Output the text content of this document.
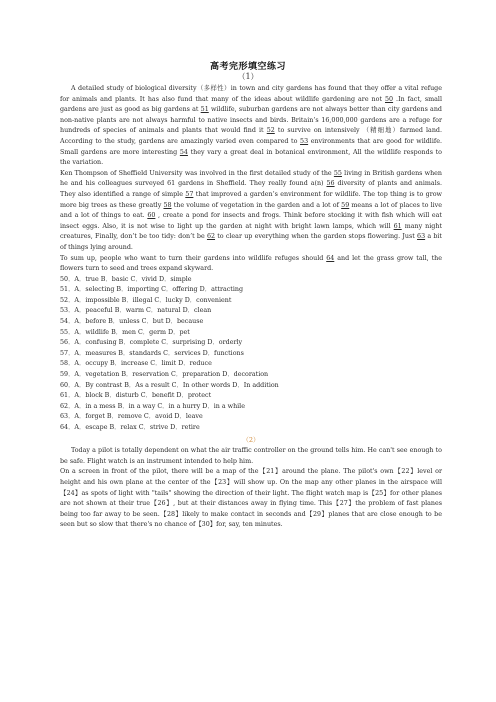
高考完形填空练习
（1）

A detailed study of biological diversity（多样性）in town and city gardens has found that they offer a vital refuge for animals and plants. It has also fund that many of the ideas about wildlife gardening are not 50 .In fact, small gardens are just as good as big gardens at 51 wildlife, suburban gardens are not always better than city gardens and non-native plants are not always harmful to native insects and birds. Britain’s 16,000,000 gardens are a refuge for hundreds of species of animals and plants that would find it 52 to survive on intensively （精细地）farmed land. According to the study, gardens are amazingly varied even compared to 53 environments that are good for wildlife. Small gardens are more interesting 54 they vary a great deal in botanical environment, All the wildlife responds to the variation.

Ken Thompson of Sheffield University was involved in the first detailed study of the 55 living in British gardens when he and his colleagues surveyed 61 gardens in Sheffield. They really found a(n) 56 diversity of plants and animals. They also identified a range of simple 57 that improved a garden’s environment for wildlife. The top thing is to grow more big trees as these greatly 58 the volume of vegetation in the garden and a lot of 59 means a lot of places to live and a lot of things to eat. 60 , create a pond for insects and frogs. Think before stocking it with fish which will eat insect eggs. Also, it is not wise to light up the garden at night with bright lawn lamps, which will 61 many night creatures, Finally, don’t be too tidy: don’t be 62 to clear up everything when the garden stops flowering. Just 63 a bit of things lying around.

To sum up, people who want to turn their gardens into wildlife refuges should 64 and let the grass grow tall, the flowers turn to seed and trees expand skyward.

50．A．true B．basic C．vivid D．simple
51．A．selecting B．importing C．offering D．attracting
52．A．impossible B．illegal C．lucky D．convenient
53．A．peaceful B．warm C．natural D．clean
54．A．before B．unless C．but D．because
55．A．wildlife B．men C．germ D．pet
56．A．confusing B．complete C．surprising D．orderly
57．A．measures B．standards C．services D．functions
58．A．occupy B．increase C．limit D．reduce
59．A．vegetation B．reservation C．preparation D．decoration
60．A．By contrast B．As a result C．In other words D．In addition
61．A．block B．disturb C．benefit D．protect
62．A．in a mess B．in a way C．in a hurry D．in a while
63．A．forget B．remove C．avoid D．leave
64．A．escape B．relax C．strive D．retire
（2）

Today a pilot is totally dependent on what the air traffic controller on the ground tells him. He can't see enough to be safe. Flight watch is an instrument intended to help him.

On a screen in front of the pilot, there will be a map of the【21】around the plane. The pilot's own【22】level or height and his own plane at the center of the【23】will show up. On the map any other planes in the airspace will【24】as spots of light with "tails" showing the direction of their light. The flight watch map is【25】for other planes are not shown at their true【26】, but at their distances away in flying time. This【27】the problem of fast planes being too far away to be seen.【28】likely to make contact in seconds and【29】planes that are close enough to be seen but so slow that there's no chance of【30】for, say, ten minutes.
